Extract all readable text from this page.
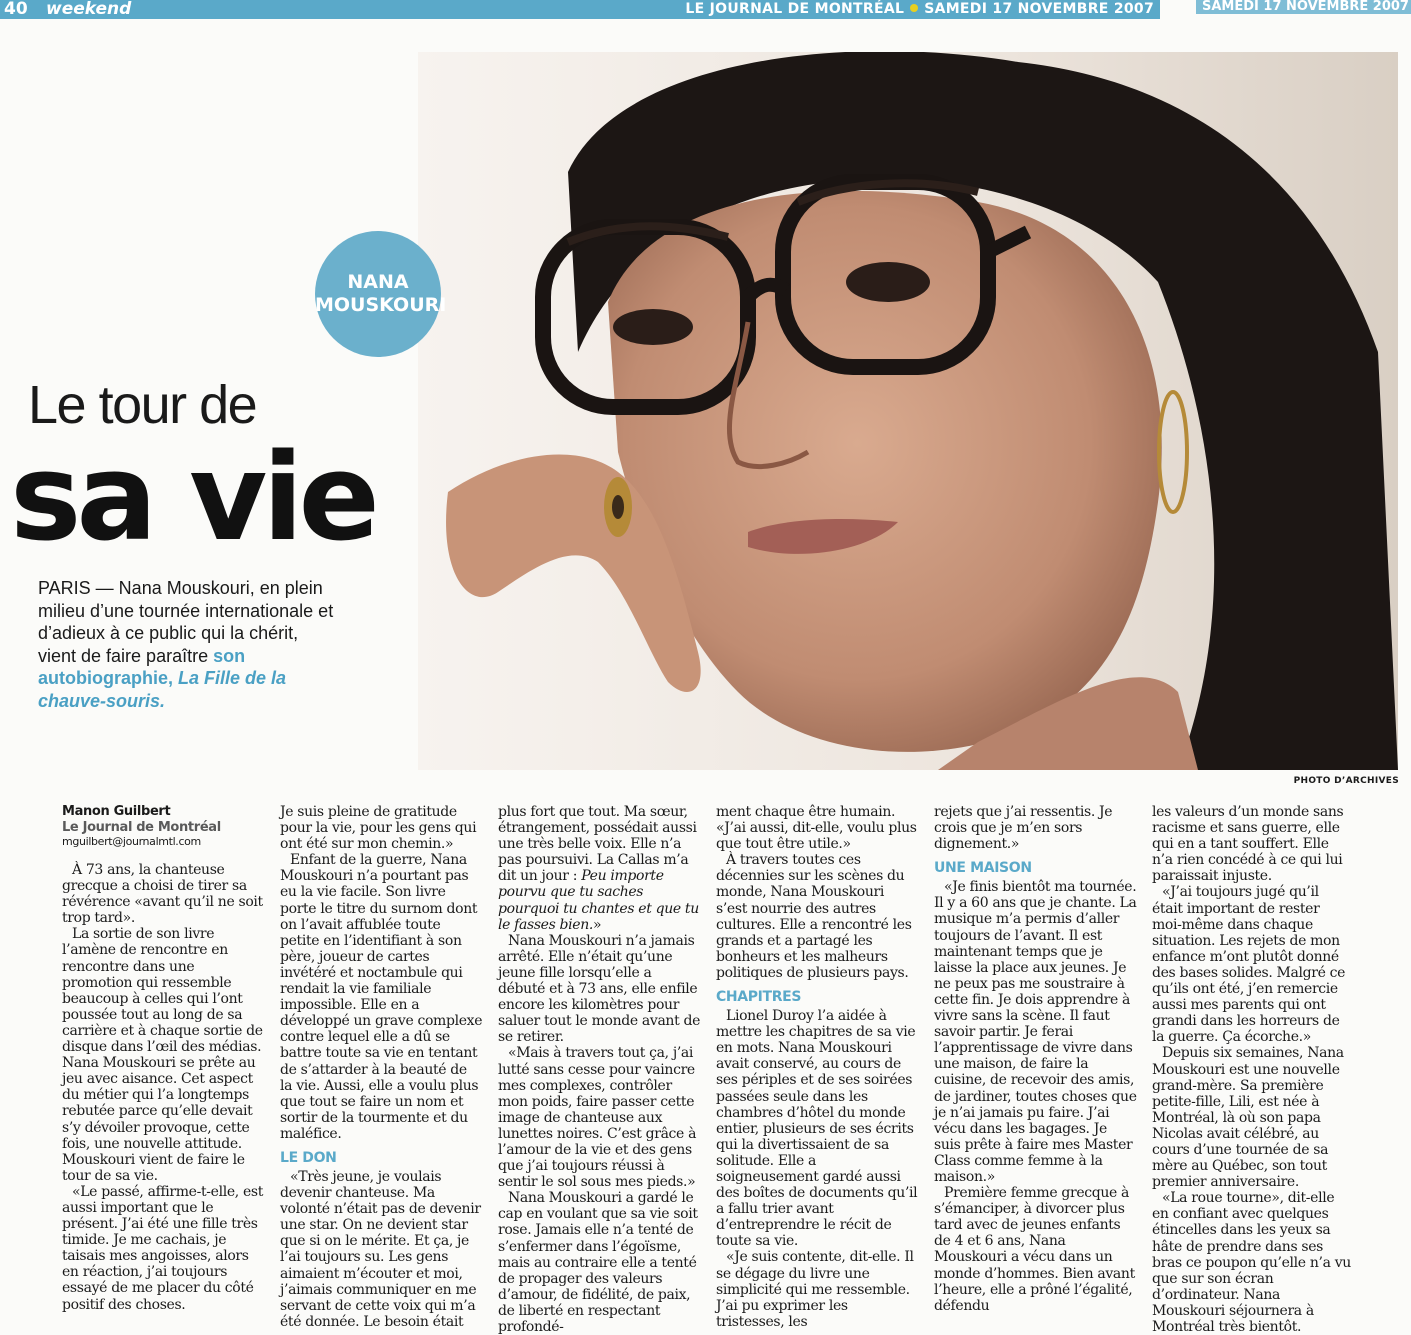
40 weekend	LE JOURNAL DE MONTRÉAL SAMEDI 17 NOVEMBRE 2007	SAMEDI 17 NOVEMBRE 2007
PHOTO D’ARCHIVES
NANA
MOUSKOURI
Le tour de
sa vie
PARIS — Nana Mouskouri, en plein milieu d’une tournée internationale et d’adieux à ce public qui la chérit, vient de faire paraître son autobiographie, La Fille de la chauve-souris.
Manon Guilbert
Le Journal de Montréal
mguilbert@journalmtl.com

À 73 ans, la chanteuse grecque a choisi de tirer sa révérence «avant qu’il ne soit trop tard».

La sortie de son livre l’amène de rencontre en rencontre dans une promotion qui ressemble beaucoup à celles qui l’ont poussée tout au long de sa carrière et à chaque sortie de disque dans l’œil des médias. Nana Mouskouri se prête au jeu avec aisance. Cet aspect du métier qui l’a longtemps rebutée parce qu’elle devait s’y dévoiler provoque, cette fois, une nouvelle attitude. Mouskouri vient de faire le tour de sa vie.

«Le passé, affirme-t-elle, est aussi important que le présent. J’ai été une fille très timide. Je me cachais, je taisais mes angoisses, alors en réaction, j’ai toujours essayé de me placer du côté positif des choses.

Je suis pleine de gratitude pour la vie, pour les gens qui ont été sur mon chemin.»

Enfant de la guerre, Nana Mouskouri n’a pourtant pas eu la vie facile. Son livre porte le titre du surnom dont on l’avait affublée toute petite en l’identifiant à son père, joueur de cartes invétéré et noctambule qui rendait la vie familiale impossible. Elle en a développé un grave complexe contre lequel elle a dû se battre toute sa vie en tentant de s’attarder à la beauté de la vie. Aussi, elle a voulu plus que tout se faire un nom et sortir de la tourmente et du maléfice.

LE DON

«Très jeune, je voulais devenir chanteuse. Ma volonté n’était pas de devenir une star. On ne devient star que si on le mérite. Et ça, je l’ai toujours su. Les gens aimaient m’écouter et moi, j’aimais communiquer en me servant de cette voix qui m’a été donnée. Le besoin était

plus fort que tout. Ma sœur, étrangement, possédait aussi une très belle voix. Elle n’a pas poursuivi. La Callas m’a dit un jour : Peu importe pourvu que tu saches pourquoi tu chantes et que tu le fasses bien.»

Nana Mouskouri n’a jamais arrêté. Elle n’était qu’une jeune fille lorsqu’elle a débuté et à 73 ans, elle enfile encore les kilomètres pour saluer tout le monde avant de se retirer.

«Mais à travers tout ça, j’ai lutté sans cesse pour vaincre mes complexes, contrôler mon poids, faire passer cette image de chanteuse aux lunettes noires. C’est grâce à l’amour de la vie et des gens que j’ai toujours réussi à sentir le sol sous mes pieds.»

Nana Mouskouri a gardé le cap en voulant que sa vie soit rose. Jamais elle n’a tenté de s’enfermer dans l’égoïsme, mais au contraire elle a tenté de propager des valeurs d’amour, de fidélité, de paix, de liberté en respectant profondé-

ment chaque être humain. «J’ai aussi, dit-elle, voulu plus que tout être utile.»

À travers toutes ces décennies sur les scènes du monde, Nana Mouskouri s’est nourrie des autres cultures. Elle a rencontré les grands et a partagé les bonheurs et les malheurs politiques de plusieurs pays.

CHAPITRES

Lionel Duroy l’a aidée à mettre les chapitres de sa vie en mots. Nana Mouskouri avait conservé, au cours de ses périples et de ses soirées passées seule dans les chambres d’hôtel du monde entier, plusieurs de ses écrits qui la divertissaient de sa solitude. Elle a soigneusement gardé aussi des boîtes de documents qu’il a fallu trier avant d’entreprendre le récit de toute sa vie.

«Je suis contente, dit-elle. Il se dégage du livre une simplicité qui me ressemble. J’ai pu exprimer les tristesses, les

rejets que j’ai ressentis. Je crois que je m’en sors dignement.»

UNE MAISON

«Je finis bientôt ma tournée. Il y a 60 ans que je chante. La musique m’a permis d’aller toujours de l’avant. Il est maintenant temps que je laisse la place aux jeunes. Je ne peux pas me soustraire à cette fin. Je dois apprendre à vivre sans la scène. Il faut savoir partir. Je ferai l’apprentissage de vivre dans une maison, de faire la cuisine, de recevoir des amis, de jardiner, toutes choses que je n’ai jamais pu faire. J’ai vécu dans les bagages. Je suis prête à faire mes Master Class comme femme à la maison.»

Première femme grecque à s’émanciper, à divorcer plus tard avec de jeunes enfants de 4 et 6 ans, Nana Mouskouri a vécu dans un monde d’hommes. Bien avant l’heure, elle a prôné l’égalité, défendu

les valeurs d’un monde sans racisme et sans guerre, elle qui en a tant souffert. Elle n’a rien concédé à ce qui lui paraissait injuste.

«J’ai toujours jugé qu’il était important de rester moi-même dans chaque situation. Les rejets de mon enfance m’ont plutôt donné des bases solides. Malgré ce qu’ils ont été, j’en remercie aussi mes parents qui ont grandi dans les horreurs de la guerre. Ça écorche.»

Depuis six semaines, Nana Mouskouri est une nouvelle grand-mère. Sa première petite-fille, Lili, est née à Montréal, là où son papa Nicolas avait célébré, au cours d’une tournée de sa mère au Québec, son tout premier anniversaire.

«La roue tourne», dit-elle en confiant avec quelques étincelles dans les yeux sa hâte de prendre dans ses bras ce poupon qu’elle n’a vu que sur son écran d’ordinateur. Nana Mouskouri séjournera à Montréal très bientôt.
